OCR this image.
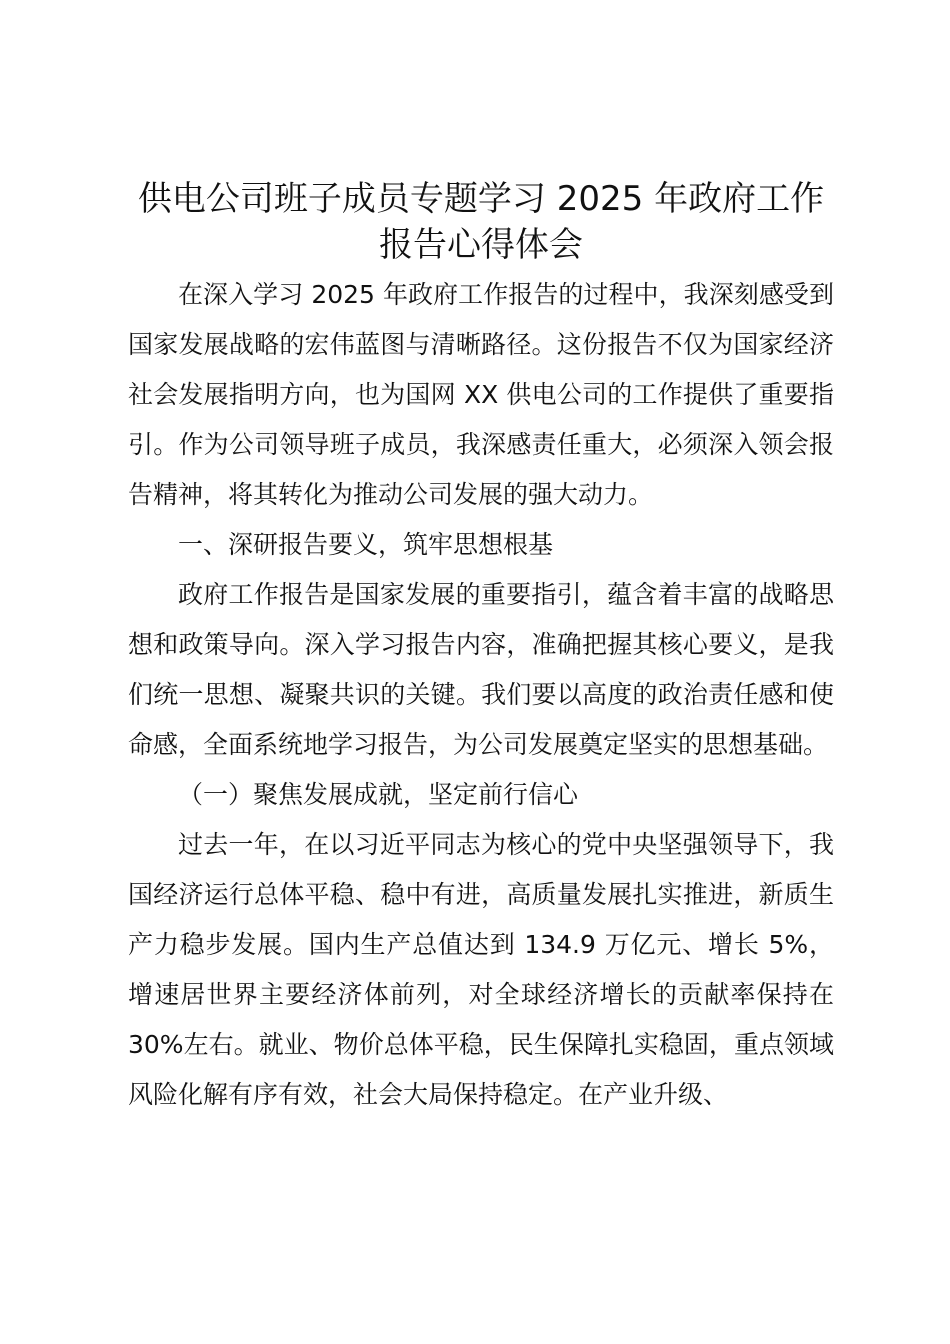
供电公司班子成员专题学习 2025 年政府工作
报告心得体会

在深入学习 2025 年政府工作报告的过程中，我深刻感受到国家发展战略的宏伟蓝图与清晰路径。这份报告不仅为国家经济社会发展指明方向，也为国网 XX 供电公司的工作提供了重要指引。作为公司领导班子成员，我深感责任重大，必须深入领会报告精神，将其转化为推动公司发展的强大动力。

一、深研报告要义，筑牢思想根基

政府工作报告是国家发展的重要指引，蕴含着丰富的战略思想和政策导向。深入学习报告内容，准确把握其核心要义，是我们统一思想、凝聚共识的关键。我们要以高度的政治责任感和使命感，全面系统地学习报告，为公司发展奠定坚实的思想基础。

（一）聚焦发展成就，坚定前行信心

过去一年，在以习近平同志为核心的党中央坚强领导下，我国经济运行总体平稳、稳中有进，高质量发展扎实推进，新质生产力稳步发展。国内生产总值达到 134.9 万亿元、增长 5%，增速居世界主要经济体前列，对全球经济增长的贡献率保持在 30%左右。就业、物价总体平稳，民生保障扎实稳固，重点领域风险化解有序有效，社会大局保持稳定。在产业升级、
